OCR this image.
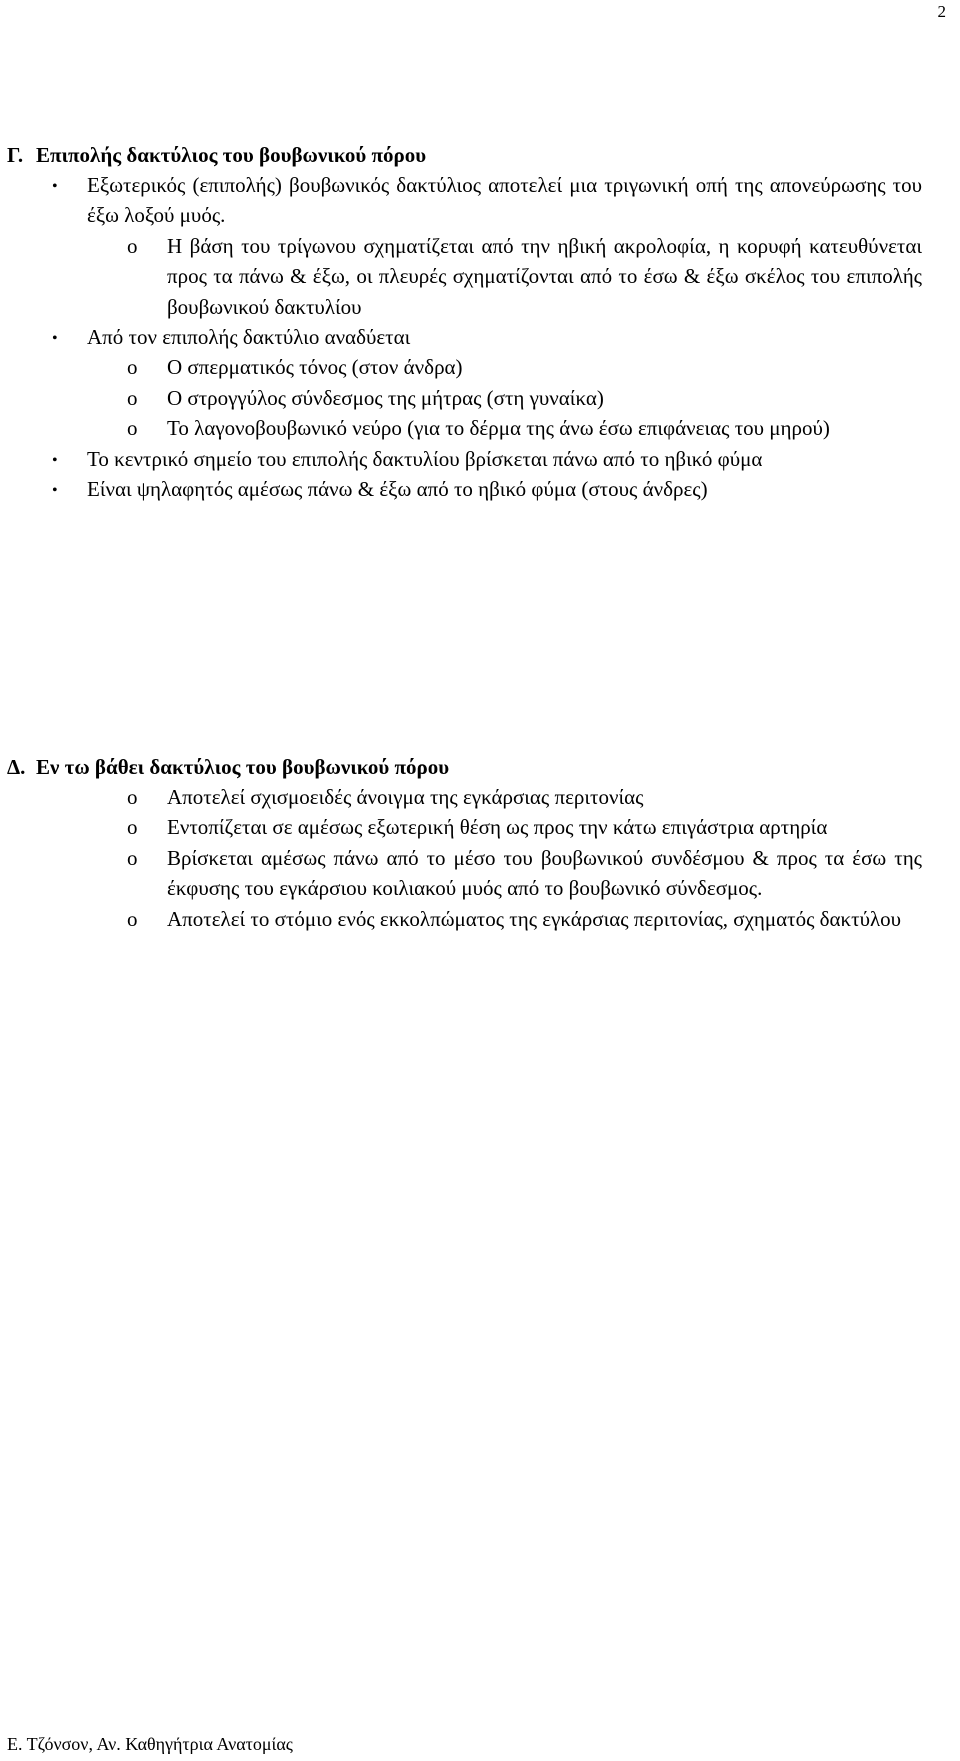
2
Γ. Επιπολής δακτύλιος του βουβωνικού πόρου
• Εξωτερικός (επιπολής) βουβωνικός δακτύλιος αποτελεί μια τριγωνική οπή της απονεύρωσης του έξω λοξού μυός.
o Η βάση του τρίγωνου σχηματίζεται από την ηβική ακρολοφία, η κορυφή κατευθύνεται προς τα πάνω & έξω, οι πλευρές σχηματίζονται από το έσω & έξω σκέλος του επιπολής βουβωνικού δακτυλίου
• Από τον επιπολής δακτύλιο αναδύεται
o Ο σπερματικός τόνος (στον άνδρα)
o Ο στρογγύλος σύνδεσμος της μήτρας (στη γυναίκα)
o Το λαγονοβουβωνικό νεύρο (για το δέρμα της άνω έσω επιφάνειας του μηρού)
• Το κεντρικό σημείο του επιπολής δακτυλίου βρίσκεται πάνω από το ηβικό φύμα
• Είναι ψηλαφητός αμέσως πάνω & έξω από το ηβικό φύμα (στους άνδρες)
Δ. Εν τω βάθει δακτύλιος του βουβωνικού πόρου
o Αποτελεί σχισμοειδές άνοιγμα της εγκάρσιας περιτονίας
o Εντοπίζεται σε αμέσως εξωτερική θέση ως προς την κάτω επιγάστρια αρτηρία
o Βρίσκεται αμέσως πάνω από το μέσο του βουβωνικού συνδέσμου & προς τα έσω της έκφυσης του εγκάρσιου κοιλιακού μυός από το βουβωνικό σύνδεσμος.
o Αποτελεί το στόμιο ενός εκκολπώματος της εγκάρσιας περιτονίας, σχηματός δακτύλου
Ε. Τζόνσον, Αν. Καθηγήτρια Ανατομίας
